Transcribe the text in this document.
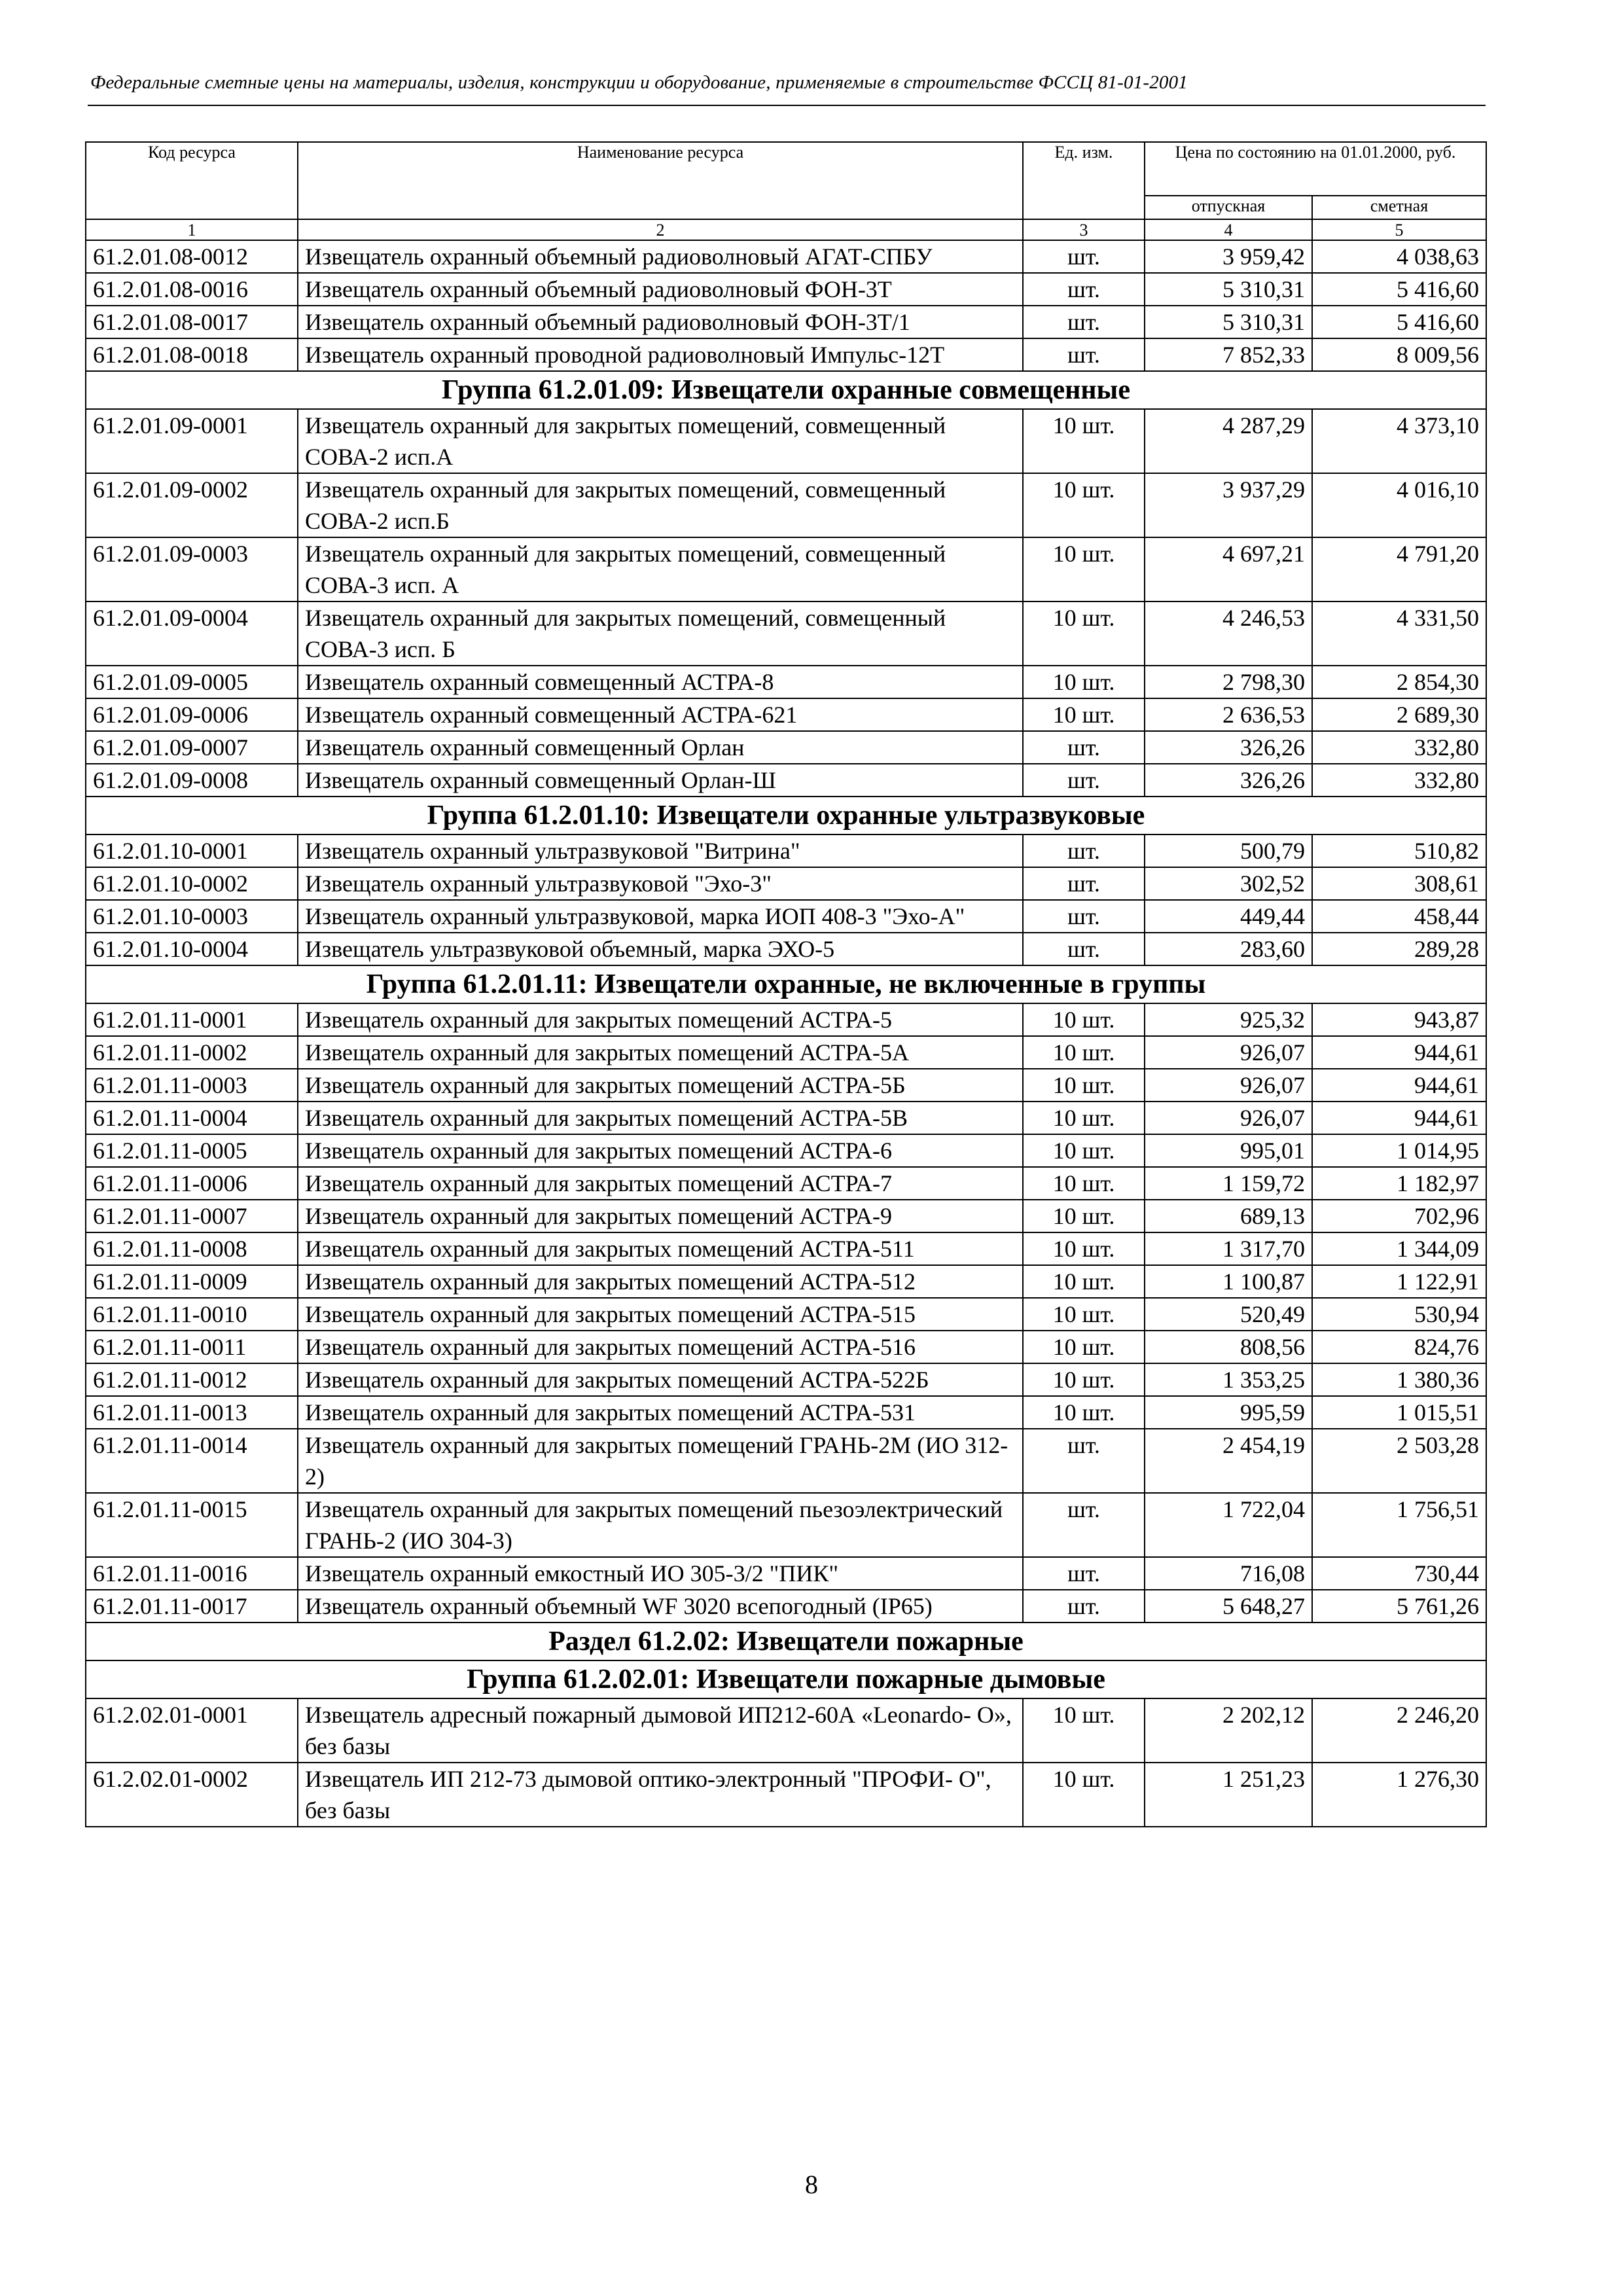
Федеральные сметные цены на материалы, изделия, конструкции и оборудование, применяемые в строительстве ФССЦ 81-01-2001
Код ресурса	Наименование ресурса	Ед. изм.	Цена по состоянию на 01.01.2000, руб.	
			отпускная	сметная
1	2	3	4	5
61.2.01.08-0012	Извещатель охранный объемный радиоволновый АГАТ-СПБУ	шт.	3 959,42	4 038,63
61.2.01.08-0016	Извещатель охранный объемный радиоволновый ФОН-3Т	шт.	5 310,31	5 416,60
61.2.01.08-0017	Извещатель охранный объемный радиоволновый ФОН-3Т/1	шт.	5 310,31	5 416,60
61.2.01.08-0018	Извещатель охранный проводной радиоволновый Импульс-12Т	шт.	7 852,33	8 009,56
Группа 61.2.01.09: Извещатели охранные совмещенные				
61.2.01.09-0001	Извещатель охранный для закрытых помещений, совмещенный СОВА-2 исп.А	10 шт.	4 287,29	4 373,10
61.2.01.09-0002	Извещатель охранный для закрытых помещений, совмещенный СОВА-2 исп.Б	10 шт.	3 937,29	4 016,10
61.2.01.09-0003	Извещатель охранный для закрытых помещений, совмещенный СОВА-3 исп. А	10 шт.	4 697,21	4 791,20
61.2.01.09-0004	Извещатель охранный для закрытых помещений, совмещенный СОВА-3 исп. Б	10 шт.	4 246,53	4 331,50
61.2.01.09-0005	Извещатель охранный совмещенный АСТРА-8	10 шт.	2 798,30	2 854,30
61.2.01.09-0006	Извещатель охранный совмещенный АСТРА-621	10 шт.	2 636,53	2 689,30
61.2.01.09-0007	Извещатель охранный совмещенный Орлан	шт.	326,26	332,80
61.2.01.09-0008	Извещатель охранный совмещенный Орлан-Ш	шт.	326,26	332,80
Группа 61.2.01.10: Извещатели охранные ультразвуковые				
61.2.01.10-0001	Извещатель охранный ультразвуковой "Витрина"	шт.	500,79	510,82
61.2.01.10-0002	Извещатель охранный ультразвуковой "Эхо-3"	шт.	302,52	308,61
61.2.01.10-0003	Извещатель охранный ультразвуковой, марка ИОП 408-3 "Эхо-А"	шт.	449,44	458,44
61.2.01.10-0004	Извещатель ультразвуковой объемный, марка ЭХО-5	шт.	283,60	289,28
Группа 61.2.01.11: Извещатели охранные, не включенные в группы				
61.2.01.11-0001	Извещатель охранный для закрытых помещений АСТРА-5	10 шт.	925,32	943,87
61.2.01.11-0002	Извещатель охранный для закрытых помещений АСТРА-5А	10 шт.	926,07	944,61
61.2.01.11-0003	Извещатель охранный для закрытых помещений АСТРА-5Б	10 шт.	926,07	944,61
61.2.01.11-0004	Извещатель охранный для закрытых помещений АСТРА-5В	10 шт.	926,07	944,61
61.2.01.11-0005	Извещатель охранный для закрытых помещений АСТРА-6	10 шт.	995,01	1 014,95
61.2.01.11-0006	Извещатель охранный для закрытых помещений АСТРА-7	10 шт.	1 159,72	1 182,97
61.2.01.11-0007	Извещатель охранный для закрытых помещений АСТРА-9	10 шт.	689,13	702,96
61.2.01.11-0008	Извещатель охранный для закрытых помещений АСТРА-511	10 шт.	1 317,70	1 344,09
61.2.01.11-0009	Извещатель охранный для закрытых помещений АСТРА-512	10 шт.	1 100,87	1 122,91
61.2.01.11-0010	Извещатель охранный для закрытых помещений АСТРА-515	10 шт.	520,49	530,94
61.2.01.11-0011	Извещатель охранный для закрытых помещений АСТРА-516	10 шт.	808,56	824,76
61.2.01.11-0012	Извещатель охранный для закрытых помещений АСТРА-522Б	10 шт.	1 353,25	1 380,36
61.2.01.11-0013	Извещатель охранный для закрытых помещений АСТРА-531	10 шт.	995,59	1 015,51
61.2.01.11-0014	Извещатель охранный для закрытых помещений ГРАНЬ-2М (ИО 312-2)	шт.	2 454,19	2 503,28
61.2.01.11-0015	Извещатель охранный для закрытых помещений пьезоэлектрический ГРАНЬ-2 (ИО 304-3)	шт.	1 722,04	1 756,51
61.2.01.11-0016	Извещатель охранный емкостный ИО 305-3/2 "ПИК"	шт.	716,08	730,44
61.2.01.11-0017	Извещатель охранный объемный WF 3020 всепогодный (IP65)	шт.	5 648,27	5 761,26
Раздел 61.2.02: Извещатели пожарные				
Группа 61.2.02.01: Извещатели пожарные дымовые				
61.2.02.01-0001	Извещатель адресный пожарный дымовой ИП212-60А «Leonardo- O», без базы	10 шт.	2 202,12	2 246,20
61.2.02.01-0002	Извещатель ИП 212-73 дымовой оптико-электронный "ПРОФИ- О", без базы	10 шт.	1 251,23	1 276,30
8
